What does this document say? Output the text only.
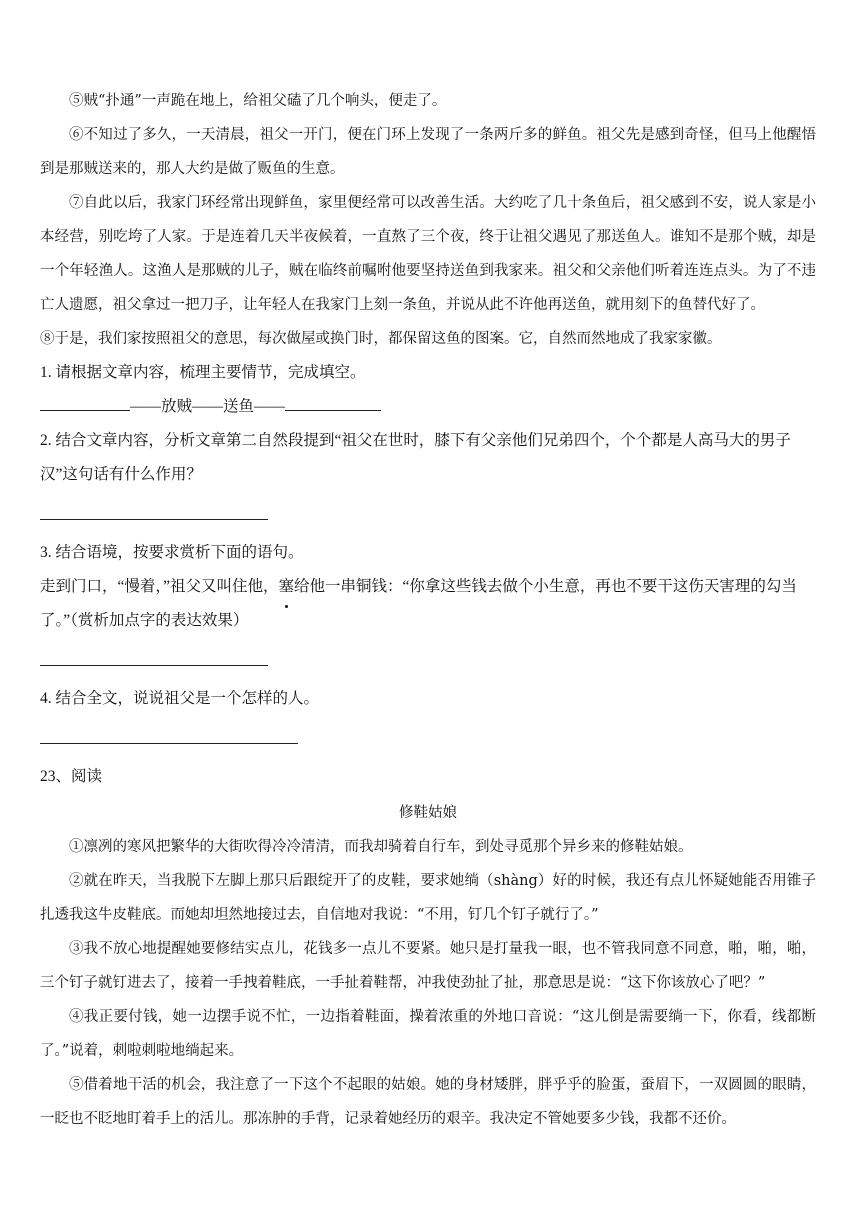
⑤贼“扑通”一声跪在地上，给祖父磕了几个响头，便走了。

⑥不知过了多久，一天清晨，祖父一开门，便在门环上发现了一条两斤多的鲜鱼。祖父先是感到奇怪，但马上他醒悟到是那贼送来的，那人大约是做了贩鱼的生意。

⑦自此以后，我家门环经常出现鲜鱼，家里便经常可以改善生活。大约吃了几十条鱼后，祖父感到不安，说人家是小本经营，别吃垮了人家。于是连着几天半夜候着，一直熬了三个夜，终于让祖父遇见了那送鱼人。谁知不是那个贼，却是一个年轻渔人。这渔人是那贼的儿子，贼在临终前嘱咐他要坚持送鱼到我家来。祖父和父亲他们听着连连点头。为了不违亡人遗愿，祖父拿过一把刀子，让年轻人在我家门上刻一条鱼，并说从此不许他再送鱼，就用刻下的鱼替代好了。

⑧于是，我们家按照祖父的意思，每次做屋或换门时，都保留这鱼的图案。它，自然而然地成了我家家徽。

1. 请根据文章内容，梳理主要情节，完成填空。

——放贼——送鱼——

2. 结合文章内容，分析文章第二自然段提到“祖父在世时，膝下有父亲他们兄弟四个，个个都是人高马大的男子汉”这句话有什么作用？

3. 结合语境，按要求赏析下面的语句。

走到门口，“慢着，”祖父又叫住他，塞给他一串铜钱：“你拿这些钱去做个小生意，再也不要干这伤天害理的勾当了。”（赏析加点字的表达效果）

4. 结合全文，说说祖父是一个怎样的人。

23、阅读

修鞋姑娘

①凛冽的寒风把繁华的大街吹得冷冷清清，而我却骑着自行车，到处寻觅那个异乡来的修鞋姑娘。

②就在昨天，当我脱下左脚上那只后跟绽开了的皮鞋，要求她绱（shàng）好的时候，我还有点儿怀疑她能否用锥子扎透我这牛皮鞋底。而她却坦然地接过去，自信地对我说：“不用，钉几个钉子就行了。”

③我不放心地提醒她要修结实点儿，花钱多一点儿不要紧。她只是打量我一眼，也不管我同意不同意，啪，啪，啪，三个钉子就钉进去了，接着一手拽着鞋底，一手扯着鞋帮，冲我使劲扯了扯，那意思是说：“这下你该放心了吧？”

④我正要付钱，她一边摆手说不忙，一边指着鞋面，操着浓重的外地口音说：“这儿倒是需要绱一下，你看，线都断了。”说着，刺啦刺啦地绱起来。

⑤借着地干活的机会，我注意了一下这个不起眼的姑娘。她的身材矮胖，胖乎乎的脸蛋，蚕眉下，一双圆圆的眼睛，一眨也不眨地盯着手上的活儿。那冻肿的手背，记录着她经历的艰辛。我决定不管她要多少钱，我都不还价。
